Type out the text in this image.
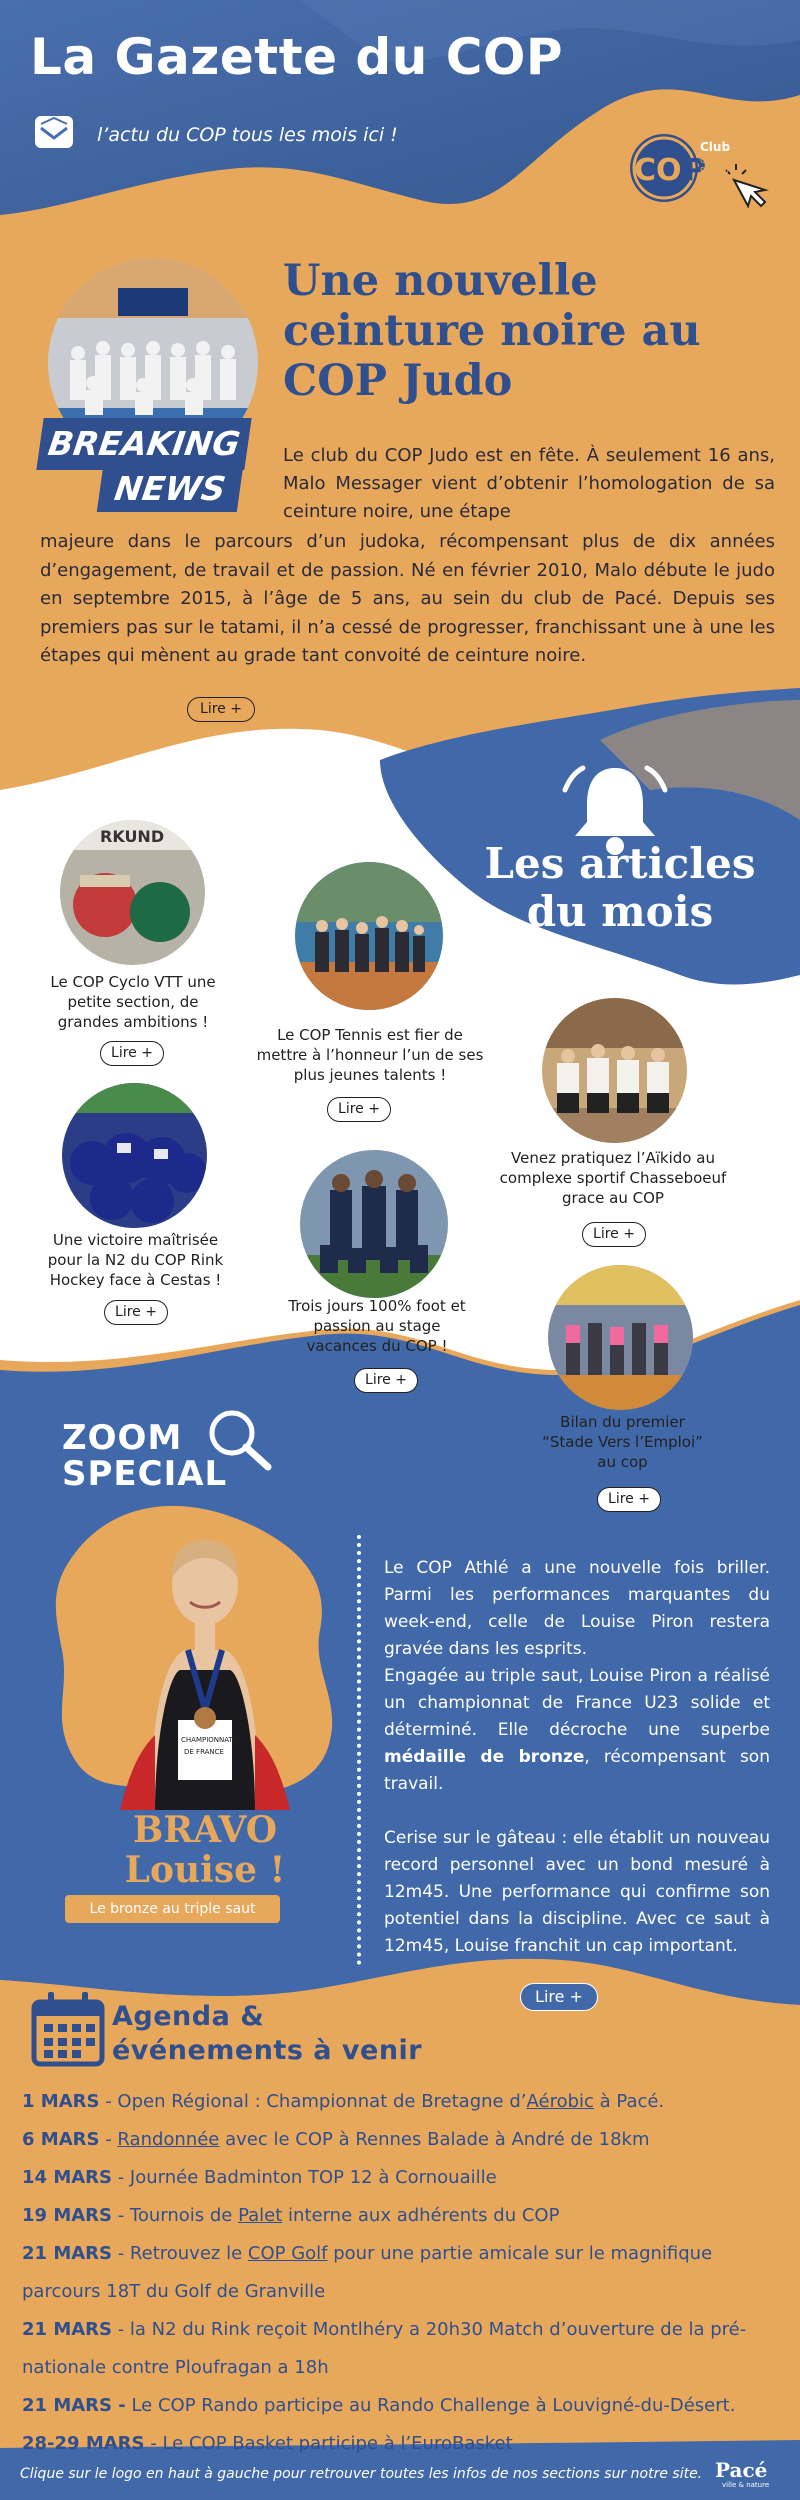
La Gazette du COP
l’actu du COP tous les mois ici !
CO P
Club
Omnisports
Pacéen
BREAKING
NEWS
Une nouvelle ceinture noire au COP Judo
Le club du COP Judo est en fête. À seulement 16 ans, Malo Messager vient d’obtenir l’homologation de sa ceinture noire, une étape
majeure dans le parcours d’un judoka, récompensant plus de dix années d’engagement, de travail et de passion. Né en février 2010, Malo débute le judo en septembre 2015, à l’âge de 5 ans, au sein du club de Pacé. Depuis ses premiers pas sur le tatami, il n’a cessé de progresser, franchissant une à une les étapes qui mènent au grade tant convoité de ceinture noire.
Lire +
Les articles
du mois
RKUND
Le COP Cyclo VTT une petite section, de grandes ambitions !
Lire +
Le COP Tennis est fier de mettre à l’honneur l’un de ses plus jeunes talents !
Lire +
Venez pratiquez l’Aïkido au complexe sportif Chasseboeuf grace au COP
Lire +
Une victoire maîtrisée pour la N2 du COP Rink Hockey face à Cestas !
Lire +	Trois jours 100% foot et passion au stage vacances du COP !
Lire +
Bilan du premier “Stade Vers l’Emploi” au cop
Lire +
ZOOM
SPECIAL
CHAMPIONNATS
DE FRANCE
BRAVO
Louise !
Le bronze au triple saut

Le COP Athlé a une nouvelle fois briller. Parmi les performances marquantes du week-end, celle de Louise Piron restera gravée dans les esprits.

Engagée au triple saut, Louise Piron a réalisé un championnat de France U23 solide et déterminé. Elle décroche une superbe médaille de bronze, récompensant son travail.

Cerise sur le gâteau : elle établit un nouveau record personnel avec un bond mesuré à 12m45. Une performance qui confirme son potentiel dans la discipline. Avec ce saut à 12m45, Louise franchit un cap important.

Lire +
Agenda &
événements à venir
1 MARS - Open Régional : Championnat de Bretagne d’Aérobic à Pacé.
6 MARS - Randonnée avec le COP à Rennes Balade à André de 18km
14 MARS - Journée Badminton TOP 12 à Cornouaille
19 MARS - Tournois de Palet interne aux adhérents du COP
21 MARS - Retrouvez le COP Golf pour une partie amicale sur le magnifique parcours 18T du Golf de Granville
21 MARS - la N2 du Rink reçoit Montlhéry a 20h30 Match d’ouverture de la pré-nationale contre Ploufragan a 18h
21 MARS - Le COP Rando participe au Rando Challenge à Louvigné-du-Désert.
28-29 MARS - Le COP Basket participe à l’EuroBasket
Clique sur le logo en haut à gauche pour retrouver toutes les infos de nos sections sur notre site. Pacé
ville & nature
